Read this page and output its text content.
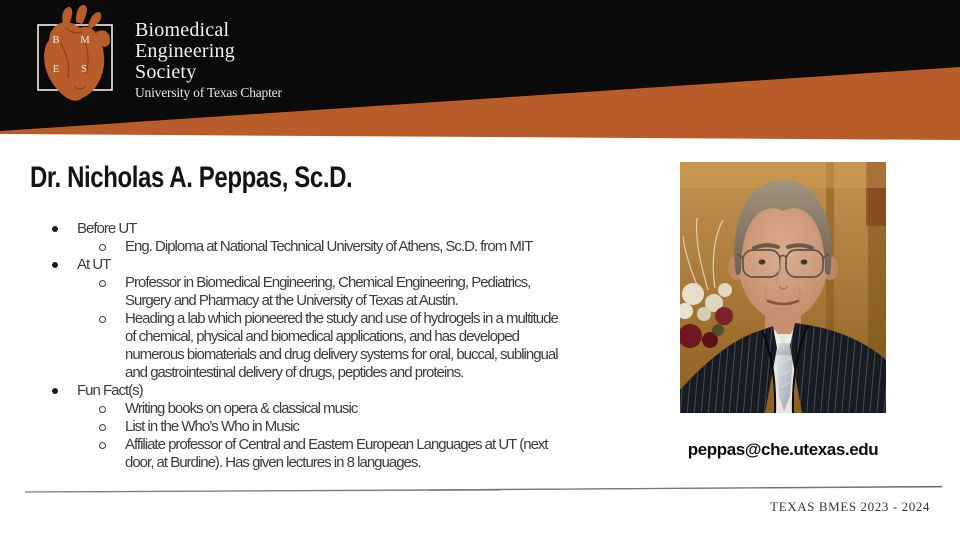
B M
E S
Biomedical
Engineering
Society
University of Texas Chapter
Dr. Nicholas A. Peppas, Sc.D.
Before UT
Eng. Diploma at National Technical University of Athens, Sc.D. from MIT
At UT
Professor in Biomedical Engineering, Chemical Engineering, Pediatrics,
Surgery and Pharmacy at the University of Texas at Austin.
Heading a lab which pioneered the study and use of hydrogels in a multitude
of chemical, physical and biomedical applications, and has developed
numerous biomaterials and drug delivery systems for oral, buccal, sublingual
and gastrointestinal delivery of drugs, peptides and proteins.
Fun Fact(s)
Writing books on opera & classical music
List in the Who’s Who in Music
Affiliate professor of Central and Eastern European Languages at UT (next
door, at Burdine). Has given lectures in 8 languages.
peppas@che.utexas.edu
TEXAS BMES 2023 - 2024
